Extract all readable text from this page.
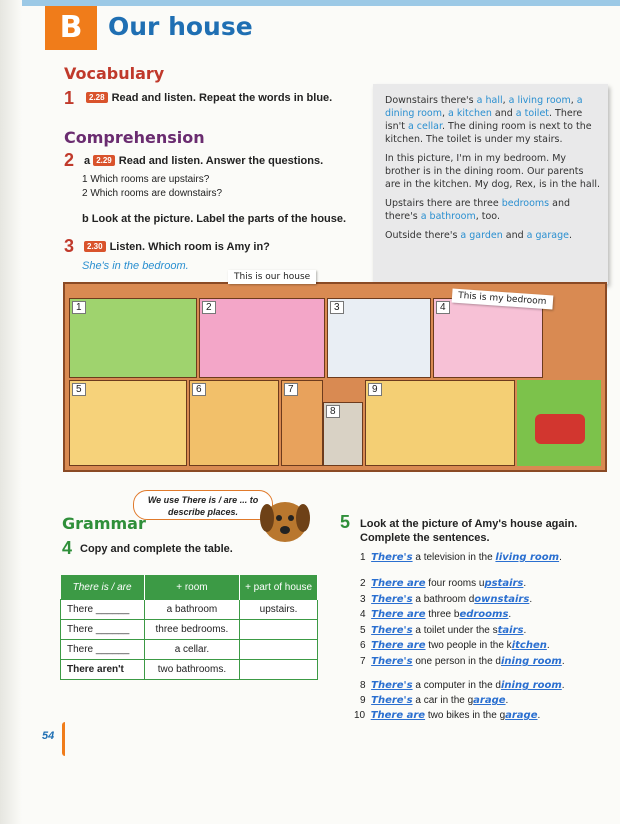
B	Our house
Vocabulary
1	2.28 Read and listen. Repeat the words in blue.
Comprehension
2 a 2.29 Read and listen. Answer the questions.
1 Which rooms are upstairs?
2 Which rooms are downstairs?
b Look at the picture. Label the parts of the house.
3	2.30 Listen. Which room is Amy in?
She's in the bedroom.

Downstairs there's a hall, a living room, a dining room, a kitchen and a toilet. There isn't a cellar. The dining room is next to the kitchen. The toilet is under my stairs.

In this picture, I'm in my bedroom. My brother is in the dining room. Our parents are in the kitchen. My dog, Rex, is in the hall.

Upstairs there are three bedrooms and there's a bathroom, too.

Outside there's a garden and a garage.

1	2	3	4
5	6	7
8
9
This is our house
This is my bedroom
We use There is / are ... to describe places.
Grammar
4 Copy and complete the table.
There is / are	+ room	+ part of house
There ______	a bathroom	upstairs.
There ______	three bedrooms.	
There ______	a cellar.	
There aren't	two bathrooms.	
5 Look at the picture of Amy's house again.
Complete the sentences.
1 There's a television in the living room.
2 There are four rooms upstairs.
3 There's a bathroom downstairs.
4 There are three bedrooms.
5 There's a toilet under the stairs.
6 There are two people in the kitchen.
7 There's one person in the dining room.
8 There's a computer in the dining room.
9 There's a car in the garage.
10 There are two bikes in the garage.
54
